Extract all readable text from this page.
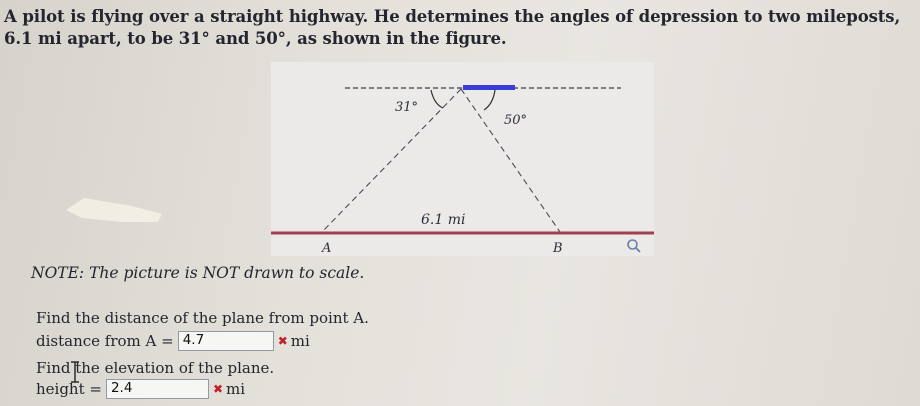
A pilot is flying over a straight highway. He determines the angles of depression to two mileposts, 6.1 mi apart, to be 31° and 50°, as shown in the figure.
31°
50°
6.1 mi
A	B
NOTE: The picture is NOT drawn to scale.
Find the distance of the plane from point A.
distance from A = 4.7	✖ mi
Find the elevation of the plane.
height = 2.4	✖ mi
